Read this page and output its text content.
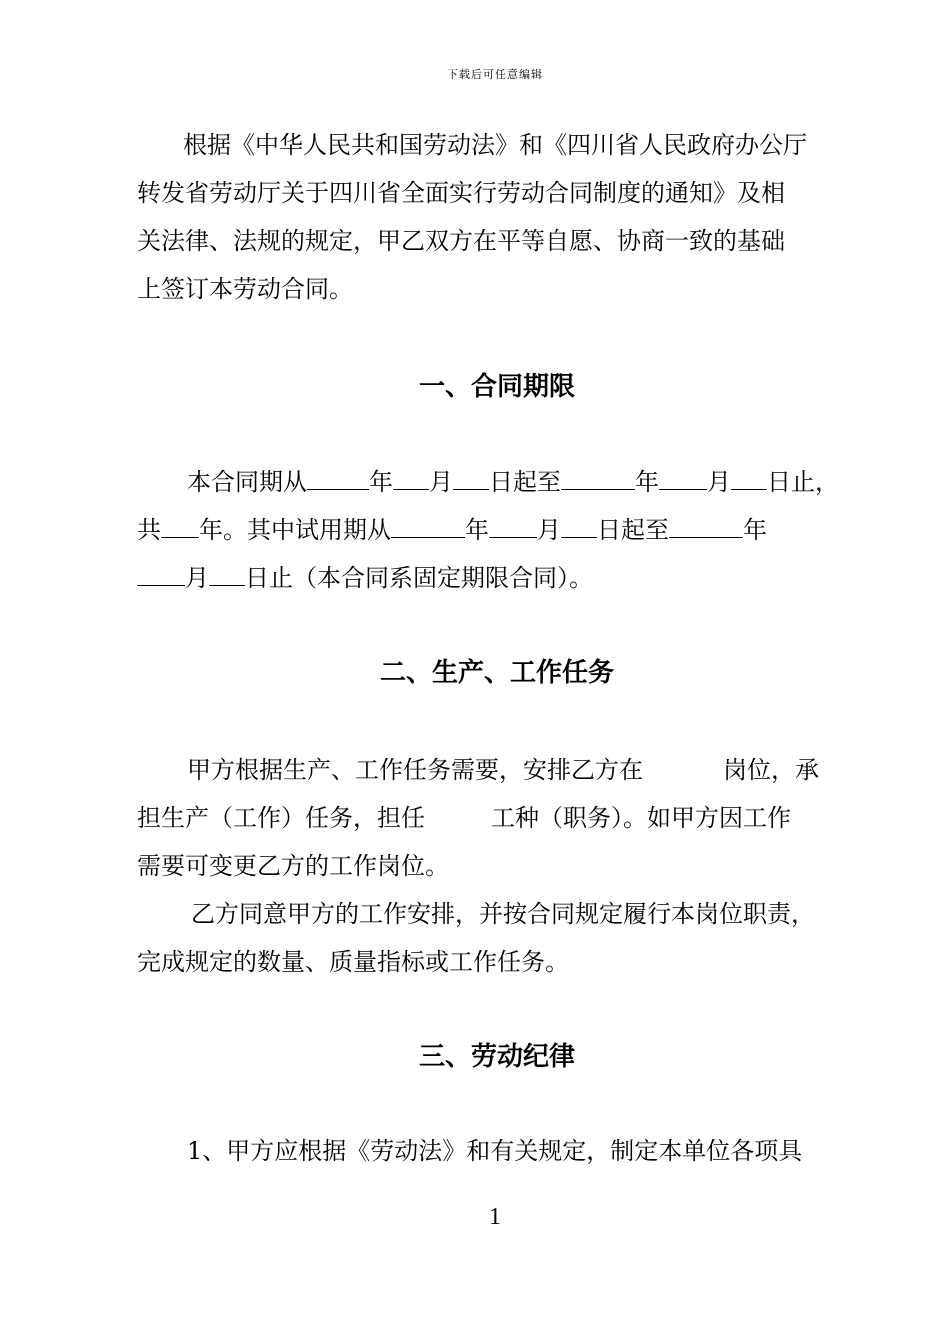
下载后可任意编辑
根据《中华人民共和国劳动法》和《四川省人民政府办公厅
转发省劳动厅关于四川省全面实行劳动合同制度的通知》及相
关法律、法规的规定，甲乙双方在平等自愿、协商一致的基础
上签订本劳动合同。
一、合同期限
本合同期从	年 月 日起至	年 月 日止，
共 年。其中试用期从	年 月 日起至	年
月 日止（本合同系固定期限合同）。
二、生产、工作任务
甲方根据生产、工作任务需要，安排乙方在	岗位，承
担生产（工作）任务，担任	工种（职务）。如甲方因工作
需要可变更乙方的工作岗位。
乙方同意甲方的工作安排，并按合同规定履行本岗位职责，
完成规定的数量、质量指标或工作任务。
三、劳动纪律
1、甲方应根据《劳动法》和有关规定，制定本单位各项具
1
